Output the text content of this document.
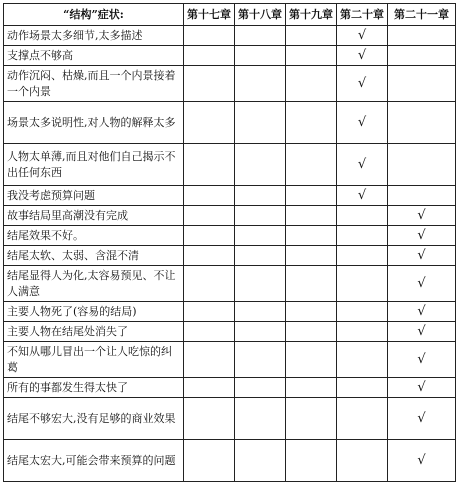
“结构”症状:	第十七章	第十八章	第十九章	第二十章	第二十一章
动作场景太多细节,太多描述				√	
支撑点不够高				√	
动作沉闷、枯燥,而且一个内景接着一个内景				√	
场景太多说明性,对人物的解释太多				√	
人物太单薄,而且对他们自己揭示不出任何东西				√	
我没考虑预算问题				√	
故事结局里高潮没有完成					√
结尾效果不好。					√
结尾太软、太弱、含混不清					√
结尾显得人为化,太容易预见、不让人满意					√
主要人物死了(容易的结局)					√
主要人物在结尾处消失了					√
不知从哪儿冒出一个让人吃惊的纠葛					√
所有的事都发生得太快了					√
结尾不够宏大,没有足够的商业效果					√
结尾太宏大,可能会带来预算的问题					√
